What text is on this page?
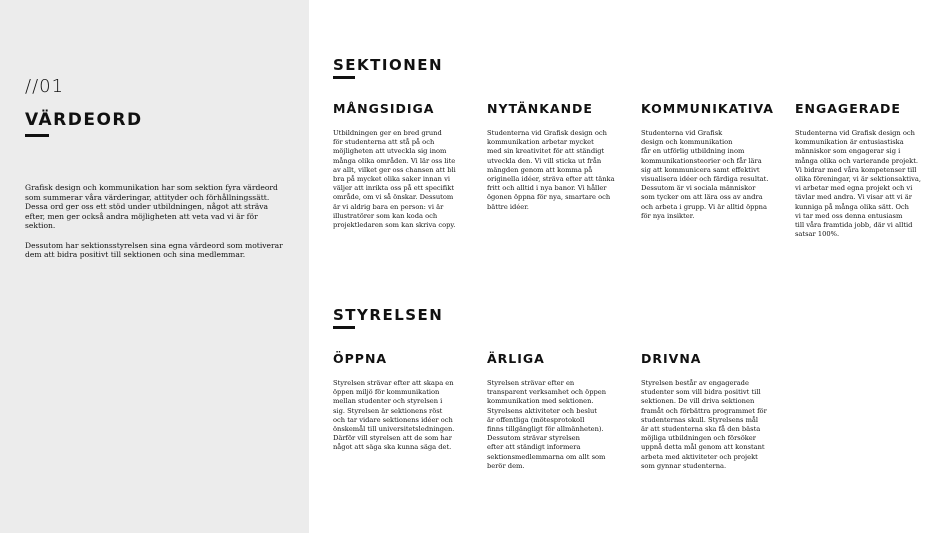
//01
VÄRDEORD

Grafisk design och kommunikation har som sektion fyra värdeord som summerar våra värderingar, attityder och förhållningssätt. Dessa ord ger oss ett stöd under utbildningen, något att sträva efter, men ger också andra möjligheten att veta vad vi är för sektion.

Dessutom har sektionsstyrelsen sina egna värdeord som motiverar dem att bidra positivt till sektionen och sina medlemmar.

SEKTIONEN
MÅNGSIDIGA
Utbildningen ger en bred grund
för studenterna att stå på och
möjligheten att utveckla sig inom
många olika områden. Vi lär oss lite
av allt, vilket ger oss chansen att bli
bra på mycket olika saker innan vi
väljer att inrikta oss på ett specifikt
område, om vi så önskar. Dessutom
är vi aldrig bara en person: vi är
illustratörer som kan koda och
projektledaren som kan skriva copy.
NYTÄNKANDE
Studenterna vid Grafisk design och
kommunikation arbetar mycket
med sin kreativitet för att ständigt
utveckla den. Vi vill sticka ut från
mängden genom att komma på
originella idéer, sträva efter att tänka
fritt och alltid i nya banor. Vi håller
ögonen öppna för nya, smartare och
bättre idéer.
KOMMUNIKATIVA
Studenterna vid Grafisk
design och kommunikation
får en utförlig utbildning inom
kommunikationsteorier och får lära
sig att kommunicera samt effektivt
visualisera idéer och färdiga resultat.
Dessutom är vi sociala människor
som tycker om att lära oss av andra
och arbeta i grupp. Vi är alltid öppna
för nya insikter.
ENGAGERADE
Studenterna vid Grafisk design och
kommunikation är entusiastiska
människor som engagerar sig i
många olika och varierande projekt.
Vi bidrar med våra kompetenser till
olika föreningar, vi är sektionsaktiva,
vi arbetar med egna projekt och vi
tävlar med andra. Vi visar att vi är
kunniga på många olika sätt. Och
vi tar med oss denna entusiasm
till våra framtida jobb, där vi alltid
satsar 100%.
STYRELSEN
ÖPPNA
Styrelsen strävar efter att skapa en
öppen miljö för kommunikation
mellan studenter och styrelsen i
sig. Styrelsen är sektionens röst
och tar vidare sektionens idéer och
önskemål till universitetsledningen.
Därför vill styrelsen att de som har
något att säga ska kunna säga det.
ÄRLIGA
Styrelsen strävar efter en
transparent verksamhet och öppen
kommunikation med sektionen.
Styrelsens aktiviteter och beslut
är offentliga (mötesprotokoll
finns tillgängligt för allmänheten).
Dessutom strävar styrelsen
efter att ständigt informera
sektionsmedlemmarna om allt som
berör dem.
DRIVNA
Styrelsen består av engagerade
studenter som vill bidra positivt till
sektionen. De vill driva sektionen
framåt och förbättra programmet för
studenternas skull. Styrelsens mål
är att studenterna ska få den bästa
möjliga utbildningen och försöker
uppnå detta mål genom att konstant
arbeta med aktiviteter och projekt
som gynnar studenterna.
